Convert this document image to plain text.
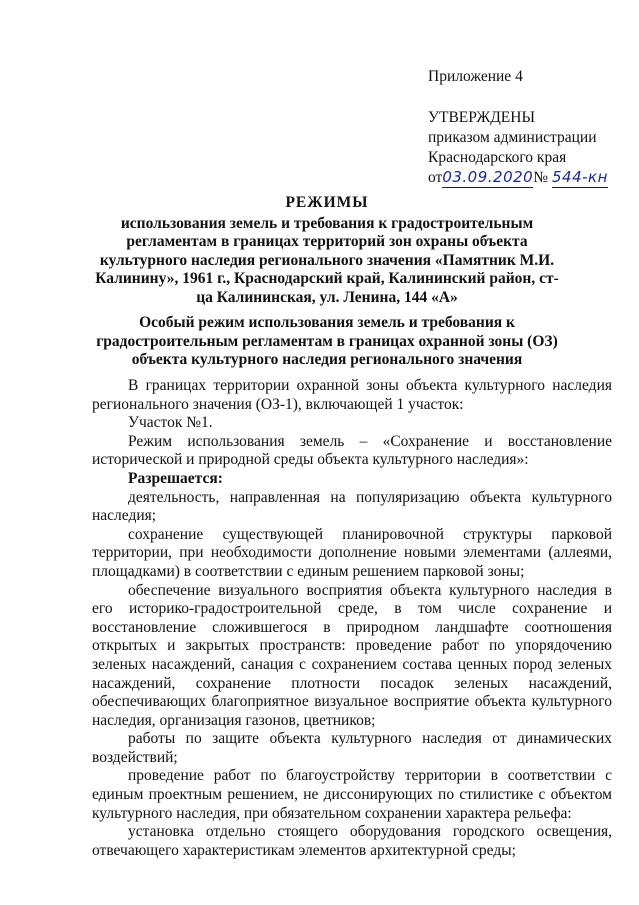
Приложение 4
УТВЕРЖДЕНЫ
приказом администрации
Краснодарского края
от03.09.2020№ 544-кн
РЕЖИМЫ
использования земель и требования к градостроительным регламентам в границах территорий зон охраны объекта культурного наследия регионального значения «Памятник М.И. Калинину», 1961 г., Краснодарский край, Калининский район, ст-ца Калининская, ул. Ленина, 144 «А»
Особый режим использования земель и требования к градостроительным регламентам в границах охранной зоны (ОЗ) объекта культурного наследия регионального значения

В границах территории охранной зоны объекта культурного наследия регионального значения (ОЗ-1), включающей 1 участок:

Участок №1.

Режим использования земель – «Сохранение и восстановление исторической и природной среды объекта культурного наследия»:

Разрешается:

деятельность, направленная на популяризацию объекта культурного наследия;

сохранение существующей планировочной структуры парковой территории, при необходимости дополнение новыми элементами (аллеями, площадками) в соответствии с единым решением парковой зоны;

обеспечение визуального восприятия объекта культурного наследия в его историко-градостроительной среде, в том числе сохранение и восстановление сложившегося в природном ландшафте соотношения открытых и закрытых пространств: проведение работ по упорядочению зеленых насаждений, санация с сохранением состава ценных пород зеленых насаждений, сохранение плотности посадок зеленых насаждений, обеспечивающих благоприятное визуальное восприятие объекта культурного наследия, организация газонов, цветников;

работы по защите объекта культурного наследия от динамических воздействий;

проведение работ по благоустройству территории в соответствии с единым проектным решением, не диссонирующих по стилистике с объектом культурного наследия, при обязательном сохранении характера рельефа:

установка отдельно стоящего оборудования городского освещения, отвечающего характеристикам элементов архитектурной среды;
